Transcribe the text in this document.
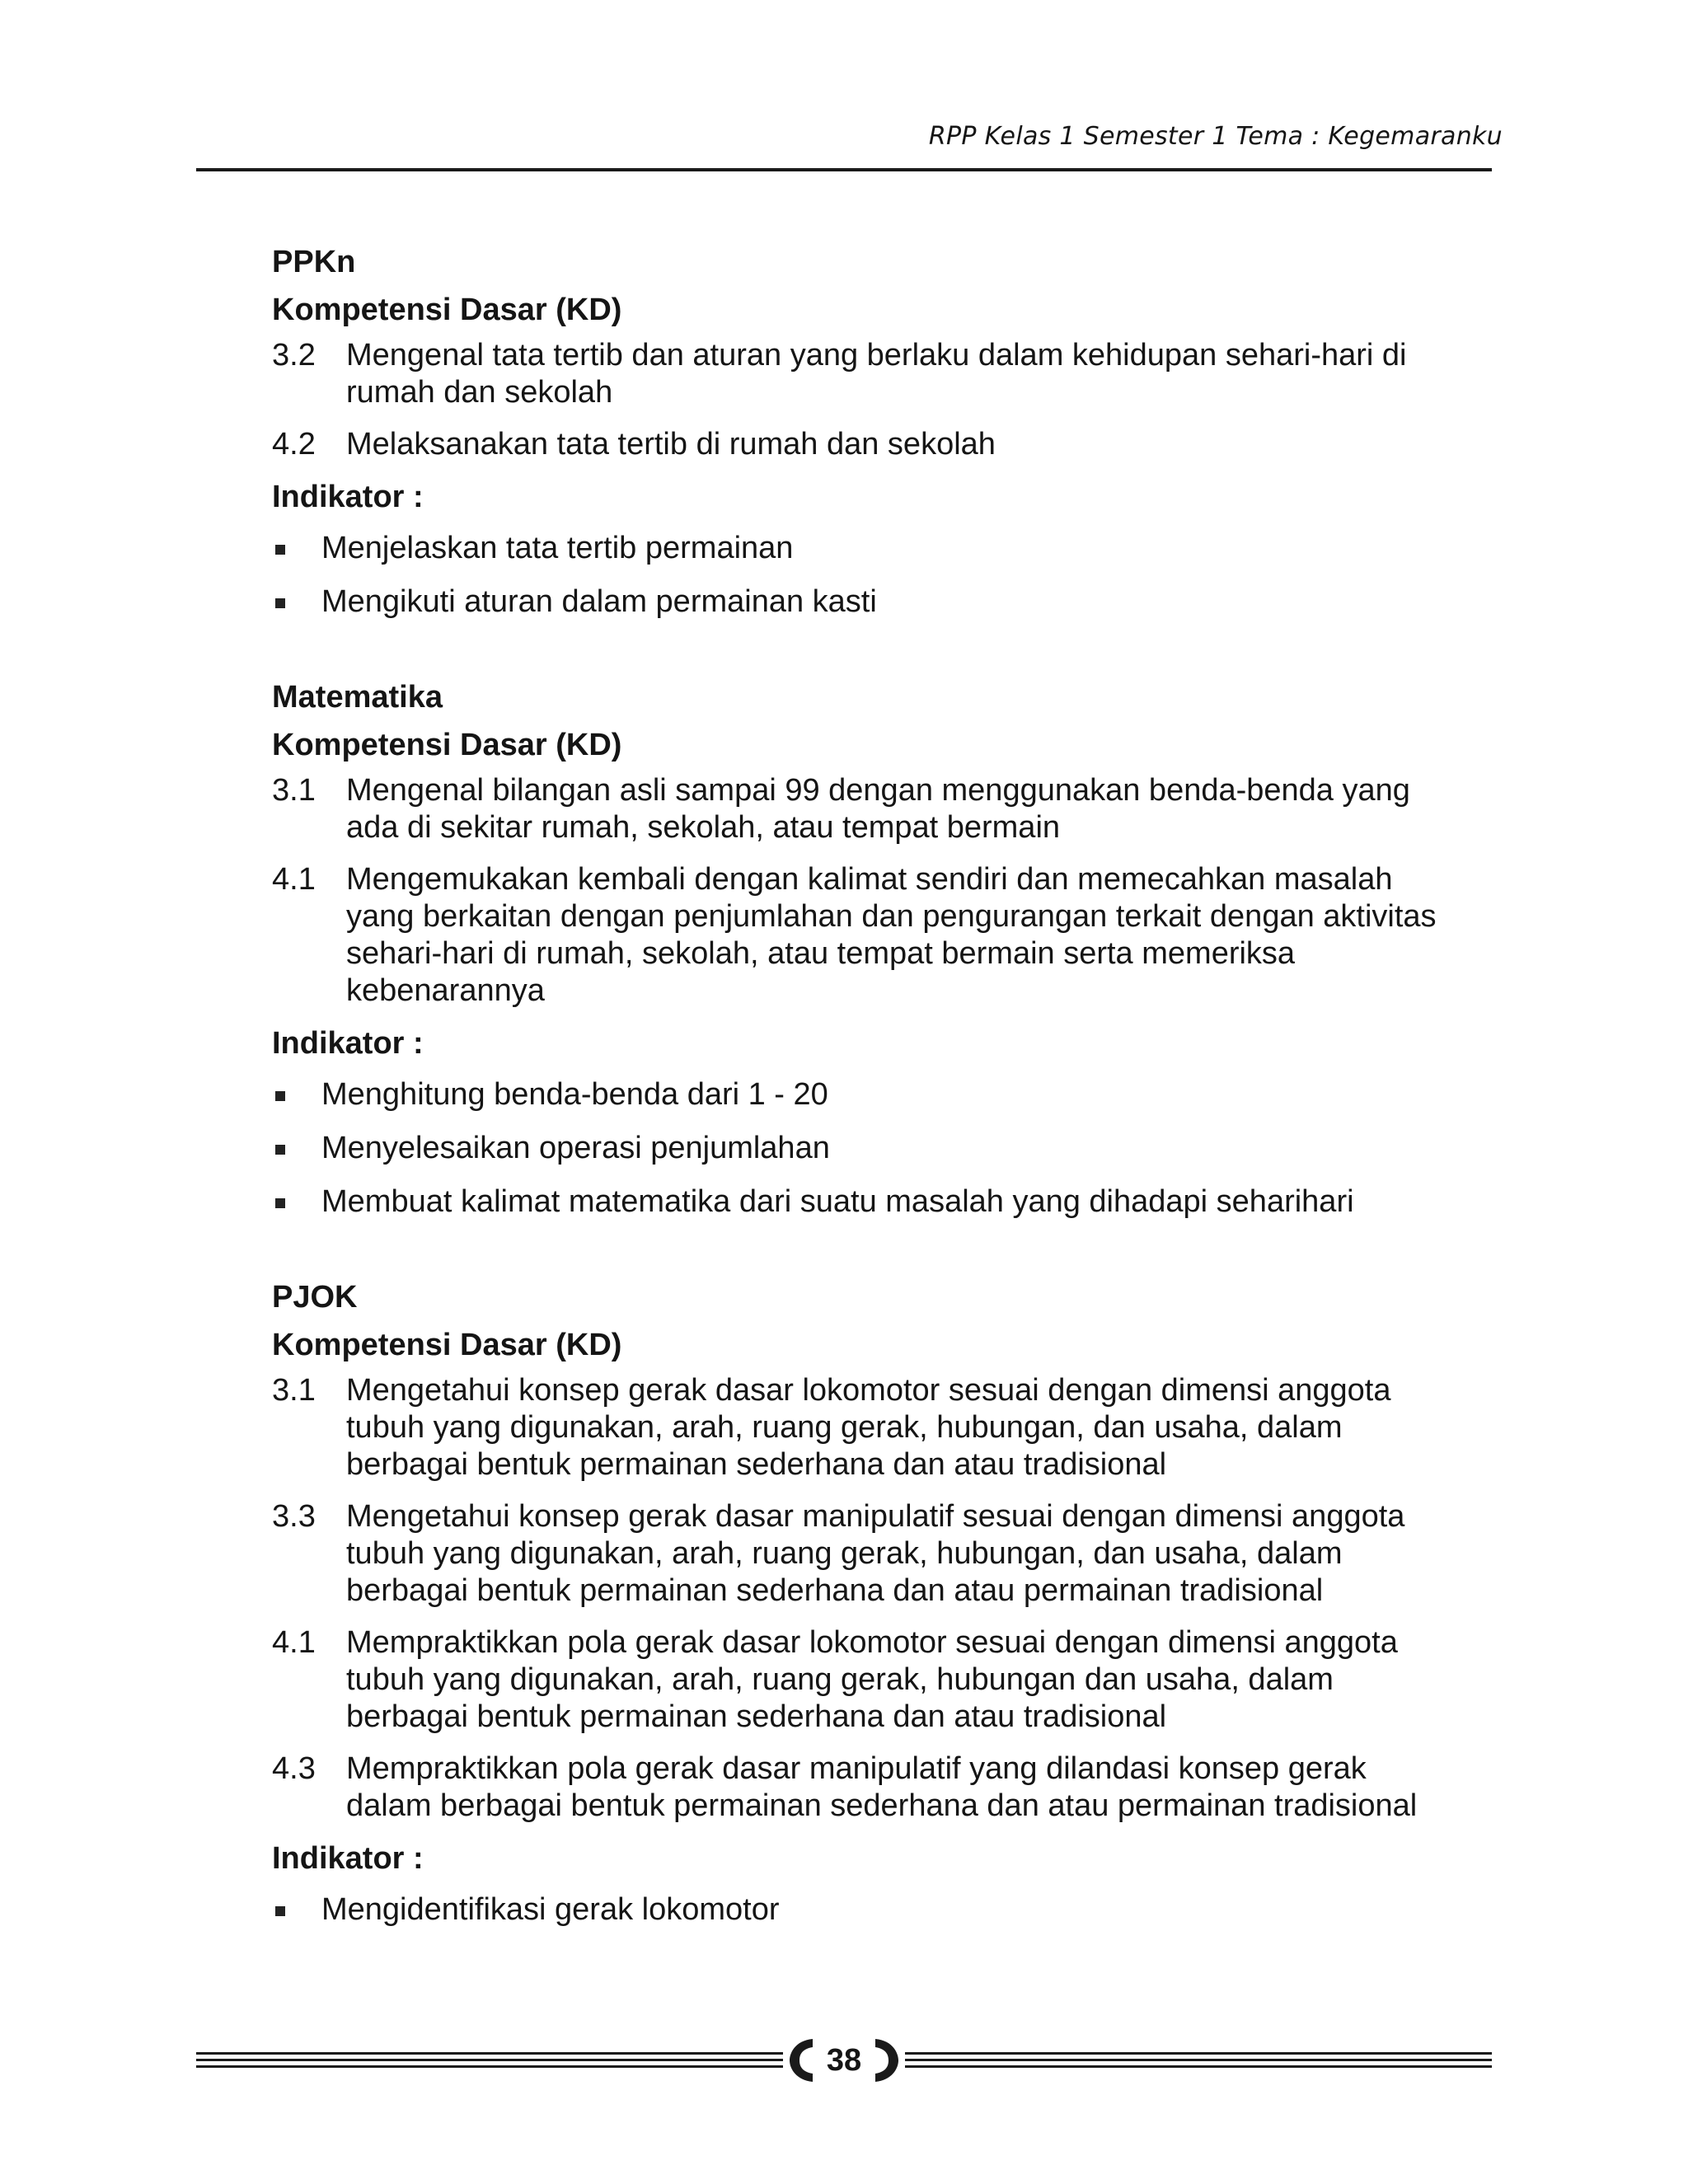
RPP Kelas 1 Semester 1 Tema : Kegemaranku
PPKn
Kompetensi Dasar (KD)
3.2 Mengenal tata tertib dan aturan yang berlaku dalam kehidupan sehari-hari di
rumah dan sekolah
4.2 Melaksanakan tata tertib di rumah dan sekolah
Indikator :
Menjelaskan tata tertib permainan
Mengikuti aturan dalam permainan kasti
Matematika
Kompetensi Dasar (KD)
3.1 Mengenal bilangan asli sampai 99 dengan menggunakan benda-benda yang
ada di sekitar rumah, sekolah, atau tempat bermain
4.1 Mengemukakan kembali dengan kalimat sendiri dan memecahkan masalah
yang berkaitan dengan penjumlahan dan pengurangan terkait dengan aktivitas
sehari-hari di rumah, sekolah, atau tempat bermain serta memeriksa
kebenarannya
Indikator :
Menghitung benda-benda dari 1 - 20
Menyelesaikan operasi penjumlahan
Membuat kalimat matematika dari suatu masalah yang dihadapi seharihari
PJOK
Kompetensi Dasar (KD)
3.1 Mengetahui konsep gerak dasar lokomotor sesuai dengan dimensi anggota
tubuh yang digunakan, arah, ruang gerak, hubungan, dan usaha, dalam
berbagai bentuk permainan sederhana dan atau tradisional
3.3 Mengetahui konsep gerak dasar manipulatif sesuai dengan dimensi anggota
tubuh yang digunakan, arah, ruang gerak, hubungan, dan usaha, dalam
berbagai bentuk permainan sederhana dan atau permainan tradisional
4.1 Mempraktikkan pola gerak dasar lokomotor sesuai dengan dimensi anggota
tubuh yang digunakan, arah, ruang gerak, hubungan dan usaha, dalam
berbagai bentuk permainan sederhana dan atau tradisional
4.3 Mempraktikkan pola gerak dasar manipulatif yang dilandasi konsep gerak
dalam berbagai bentuk permainan sederhana dan atau permainan tradisional
Indikator :
Mengidentifikasi gerak lokomotor
38
